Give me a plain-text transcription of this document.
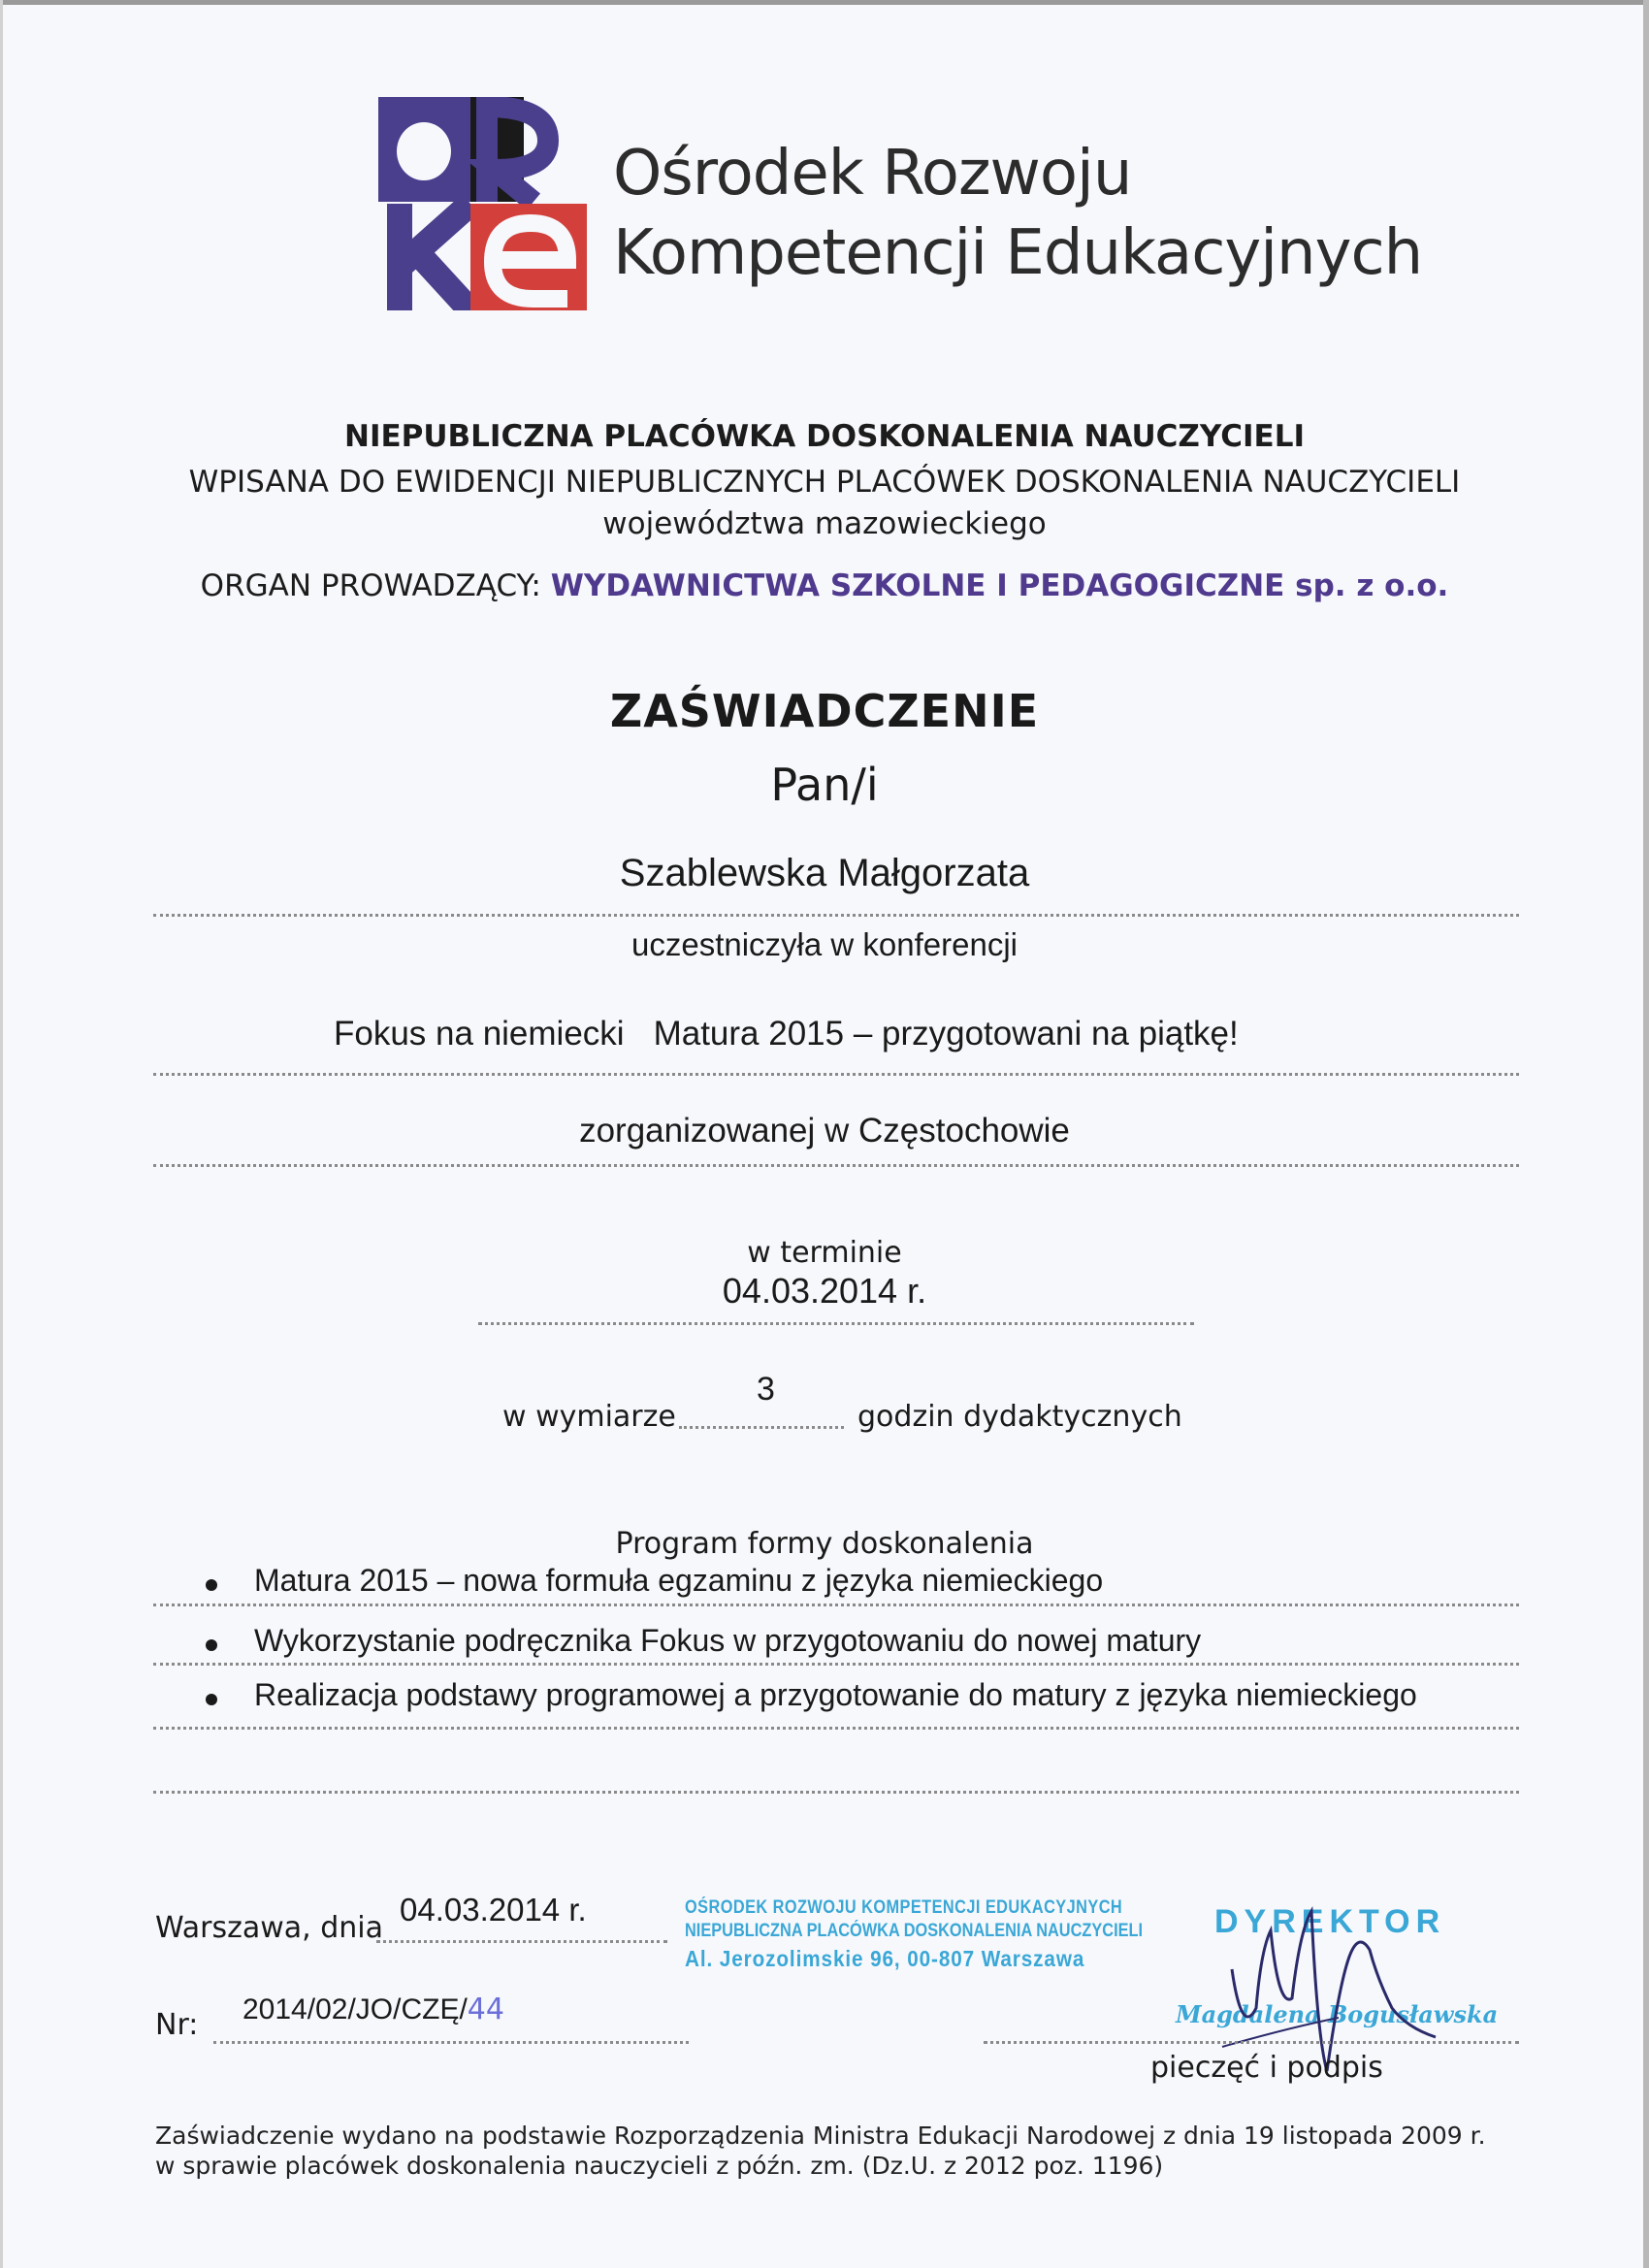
Ośrodek Rozwoju
Kompetencji Edukacyjnych
NIEPUBLICZNA PLACÓWKA DOSKONALENIA NAUCZYCIELI
WPISANA DO EWIDENCJI NIEPUBLICZNYCH PLACÓWEK DOSKONALENIA NAUCZYCIELI
województwa mazowieckiego
ORGAN PROWADZĄCY: WYDAWNICTWA SZKOLNE I PEDAGOGICZNE sp. z o.o.
ZAŚWIADCZENIE
Pan/i
Szablewska Małgorzata
uczestniczyła w konferencji
Fokus na niemiecki Matura 2015 – przygotowani na piątkę!
zorganizowanej w Częstochowie
w terminie
04.03.2014 r.
w wymiarze
3
godzin dydaktycznych
Program formy doskonalenia
Matura 2015 – nowa formuła egzaminu z języka niemieckiego
Wykorzystanie podręcznika Fokus w przygotowaniu do nowej matury
Realizacja podstawy programowej a przygotowanie do matury z języka niemieckiego
Warszawa, dnia
04.03.2014 r.
Nr: 2014/02/JO/CZĘ/44
OŚRODEK ROZWOJU KOMPETENCJI EDUKACYJNYCH
NIEPUBLICZNA PLACÓWKA DOSKONALENIA NAUCZYCIELI
Al. Jerozolimskie 96, 00-807 Warszawa
DYREKTOR
Magdalena Bogusławska
pieczęć i podpis
Zaświadczenie wydano na podstawie Rozporządzenia Ministra Edukacji Narodowej z dnia 19 listopada 2009 r.
w sprawie placówek doskonalenia nauczycieli z późn. zm. (Dz.U. z 2012 poz. 1196)
